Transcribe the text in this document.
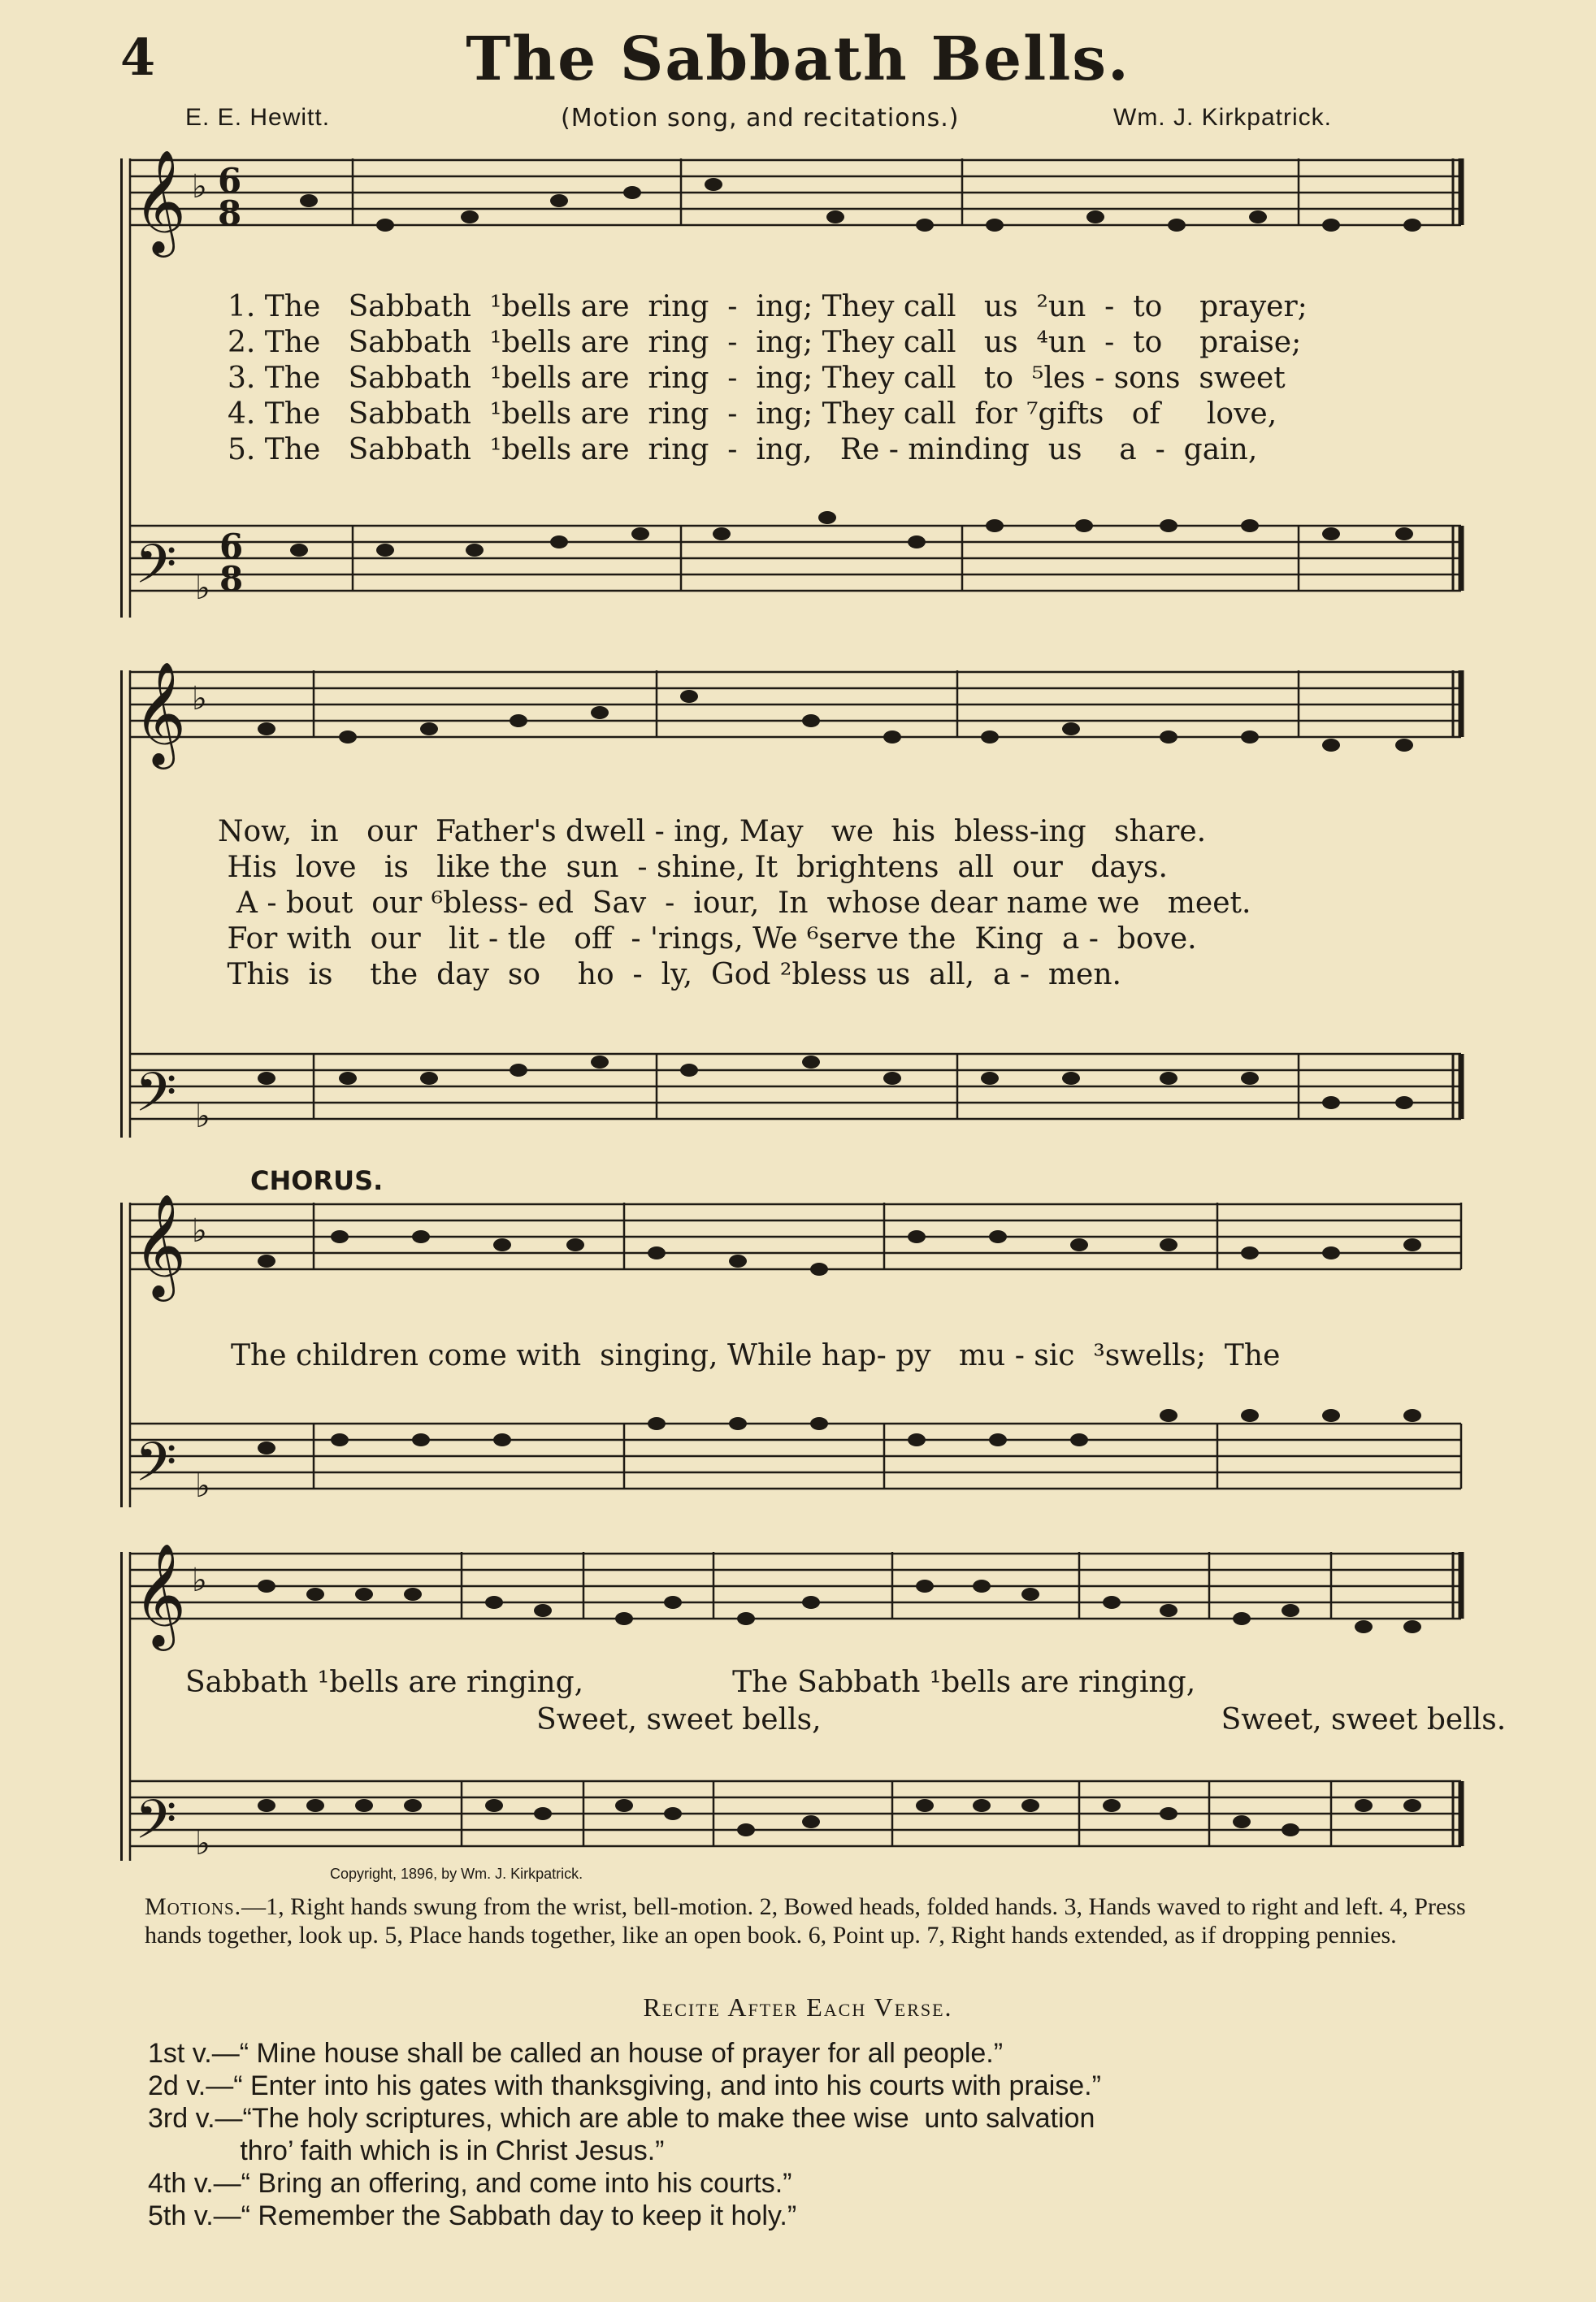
4	The Sabbath Bells.
E. E. Hewitt.	(Motion song, and recitations.)	Wm. J. Kirkpatrick.
𝄞 ♭ 6
8
𝄢 ♭
6
8
1. The   Sabbath  ¹bells are  ring  -  ing; They call   us  ²un  -  to    prayer;
2. The   Sabbath  ¹bells are  ring  -  ing; They call   us  ⁴un  -  to    praise;
3. The   Sabbath  ¹bells are  ring  -  ing; They call   to  ⁵les - sons  sweet
4. The   Sabbath  ¹bells are  ring  -  ing; They call  for ⁷gifts   of     love,
5. The   Sabbath  ¹bells are  ring  -  ing,   Re - minding  us    a  -  gain,
𝄞 ♭
𝄢 ♭
Now,  in   our  Father's dwell - ing, May   we  his  bless-ing   share.
His  love   is   like the  sun  - shine, It  brightens  all  our   days.
A - bout  our ⁶bless- ed  Sav  -  iour,  In  whose dear name we   meet.
For with  our   lit - tle   off  - 'rings, We ⁶serve the  King  a -  bove.
This  is    the  day  so    ho  -  ly,  God ²bless us  all,  a -  men.
CHORUS.
𝄞 ♭
𝄢 ♭
The children come with  singing, While hap- py   mu - sic  ³swells;  The
𝄞 ♭
𝄢 ♭
Sabbath ¹bells are ringing,                The Sabbath ¹bells are ringing,
Sweet, sweet bells,                                           Sweet, sweet bells.
Copyright, 1896, by Wm. J. Kirkpatrick.
Motions.—1, Right hands swung from the wrist, bell-motion. 2, Bowed heads, folded hands. 3, Hands waved to right and left. 4, Press hands together, look up. 5, Place hands together, like an open book. 6, Point up. 7, Right hands extended, as if dropping pennies.
Recite After Each Verse.
1st v.—“ Mine house shall be called an house of prayer for all people.”
2d v.—“ Enter into his gates with thanksgiving, and into his courts with praise.”
3rd v.—“The holy scriptures, which are able to make thee wise  unto salvation
thro’ faith which is in Christ Jesus.”
4th v.—“ Bring an offering, and come into his courts.”
5th v.—“ Remember the Sabbath day to keep it holy.”
